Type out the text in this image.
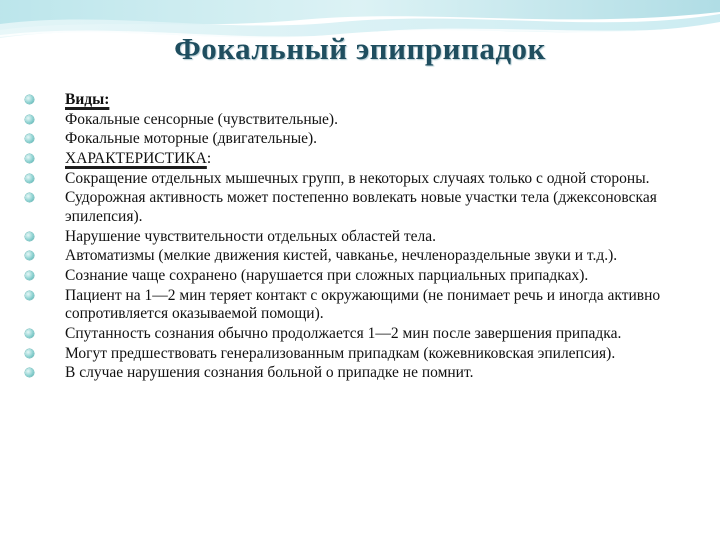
Фокальный эпиприпадок
Виды:
Фокальные сенсорные (чувствительные).
Фокальные моторные (двигательные).
ХАРАКТЕРИСТИКА:
Сокращение отдельных мышечных групп, в некоторых случаях только с одной стороны.
Судорожная активность может постепенно вовлекать новые участки тела (джексоновская эпилепсия).
Нарушение чувствительности отдельных областей тела.
Автоматизмы (мелкие движения кистей, чавканье, нечленораздельные звуки и т.д.).
Сознание чаще сохранено (нарушается при сложных парциальных припадках).
Пациент на 1—2 мин теряет контакт с окружающими (не понимает речь и иногда активно сопротивляется оказываемой помощи).
Спутанность сознания обычно продолжается 1—2 мин после завершения припадка.
Могут предшествовать генерализованным припадкам (кожевниковская эпилепсия).
В случае нарушения сознания больной о припадке не помнит.
